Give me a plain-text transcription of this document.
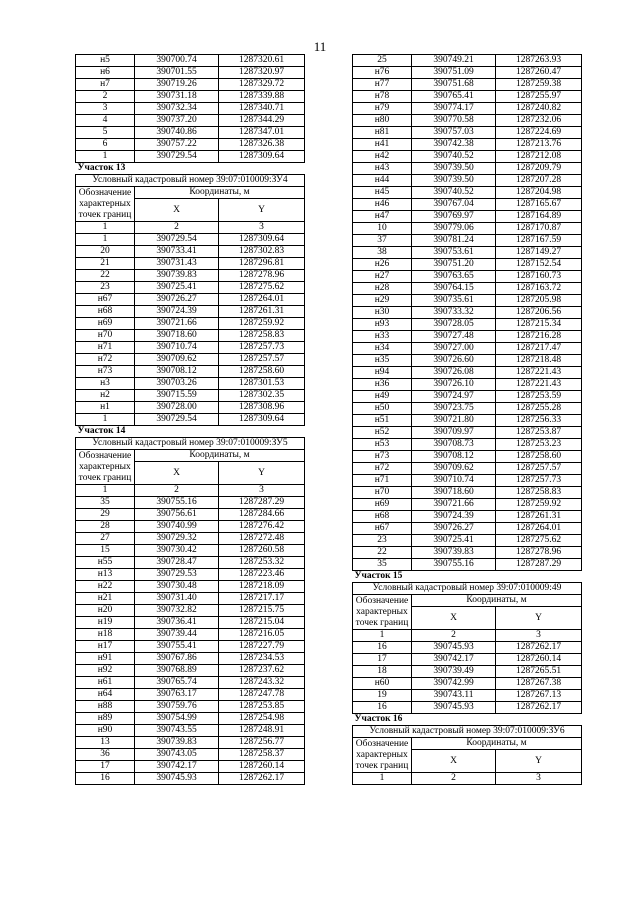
11
н5	390700.74	1287320.61
н6	390701.55	1287320.97
н7	390719.26	1287329.72
2	390731.18	1287339.88
3	390732.34	1287340.71
4	390737.20	1287344.29
5	390740.86	1287347.01
6	390757.22	1287326.38
1	390729.54	1287309.64
Участок 13		
Условный кадастровый номер 39:07:010009:ЗУ4		
Обозначение характерных точек границ	Координаты, м	
	X	Y
1	2	3
1	390729.54	1287309.64
20	390733.41	1287302.83
21	390731.43	1287296.81
22	390739.83	1287278.96
23	390725.41	1287275.62
н67	390726.27	1287264.01
н68	390724.39	1287261.31
н69	390721.66	1287259.92
н70	390718.60	1287258.83
н71	390710.74	1287257.73
н72	390709.62	1287257.57
н73	390708.12	1287258.60
н3	390703.26	1287301.53
н2	390715.59	1287302.35
н1	390728.00	1287308.96
1	390729.54	1287309.64
Участок 14		
Условный кадастровый номер 39:07:010009:ЗУ5		
Обозначение характерных точек границ	Координаты, м	
	X	Y
1	2	3
35	390755.16	1287287.29
29	390756.61	1287284.66
28	390740.99	1287276.42
27	390729.32	1287272.48
15	390730.42	1287260.58
н55	390728.47	1287253.32
н13	390729.53	1287223.46
н22	390730.48	1287218.09
н21	390731.40	1287217.17
н20	390732.82	1287215.75
н19	390736.41	1287215.04
н18	390739.44	1287216.05
н17	390755.41	1287227.79
н91	390767.86	1287234.53
н92	390768.89	1287237.62
н61	390765.74	1287243.32
н64	390763.17	1287247.78
н88	390759.76	1287253.85
н89	390754.99	1287254.98
н90	390743.55	1287248.91
13	390739.83	1287256.77
36	390743.05	1287258.37
17	390742.17	1287260.14
16	390745.93	1287262.17
25	390749.21	1287263.93
н76	390751.09	1287260.47
н77	390751.68	1287259.38
н78	390765.41	1287255.97
н79	390774.17	1287240.82
н80	390770.58	1287232.06
н81	390757.03	1287224.69
н41	390742.38	1287213.76
н42	390740.52	1287212.08
н43	390739.50	1287209.79
н44	390739.50	1287207.28
н45	390740.52	1287204.98
н46	390767.04	1287165.67
н47	390769.97	1287164.89
10	390779.06	1287170.87
37	390781.24	1287167.59
38	390753.61	1287149.27
н26	390751.20	1287152.54
н27	390763.65	1287160.73
н28	390764.15	1287163.72
н29	390735.61	1287205.98
н30	390733.32	1287206.56
н93	390728.05	1287215.34
н33	390727.48	1287216.28
н34	390727.00	1287217.47
н35	390726.60	1287218.48
н94	390726.08	1287221.43
н36	390726.10	1287221.43
н49	390724.97	1287253.59
н50	390723.75	1287255.28
н51	390721.80	1287256.33
н52	390709.97	1287253.87
н53	390708.73	1287253.23
н73	390708.12	1287258.60
н72	390709.62	1287257.57
н71	390710.74	1287257.73
н70	390718.60	1287258.83
н69	390721.66	1287259.92
н68	390724.39	1287261.31
н67	390726.27	1287264.01
23	390725.41	1287275.62
22	390739.83	1287278.96
35	390755.16	1287287.29
Участок 15		
Условный кадастровый номер 39:07:010009:49		
Обозначение характерных точек границ	Координаты, м	
	X	Y
1	2	3
16	390745.93	1287262.17
17	390742.17	1287260.14
18	390739.49	1287265.51
н60	390742.99	1287267.38
19	390743.11	1287267.13
16	390745.93	1287262.17
Участок 16		
Условный кадастровый номер 39:07:010009:ЗУ6		
Обозначение характерных точек границ	Координаты, м	
	X	Y
1	2	3
